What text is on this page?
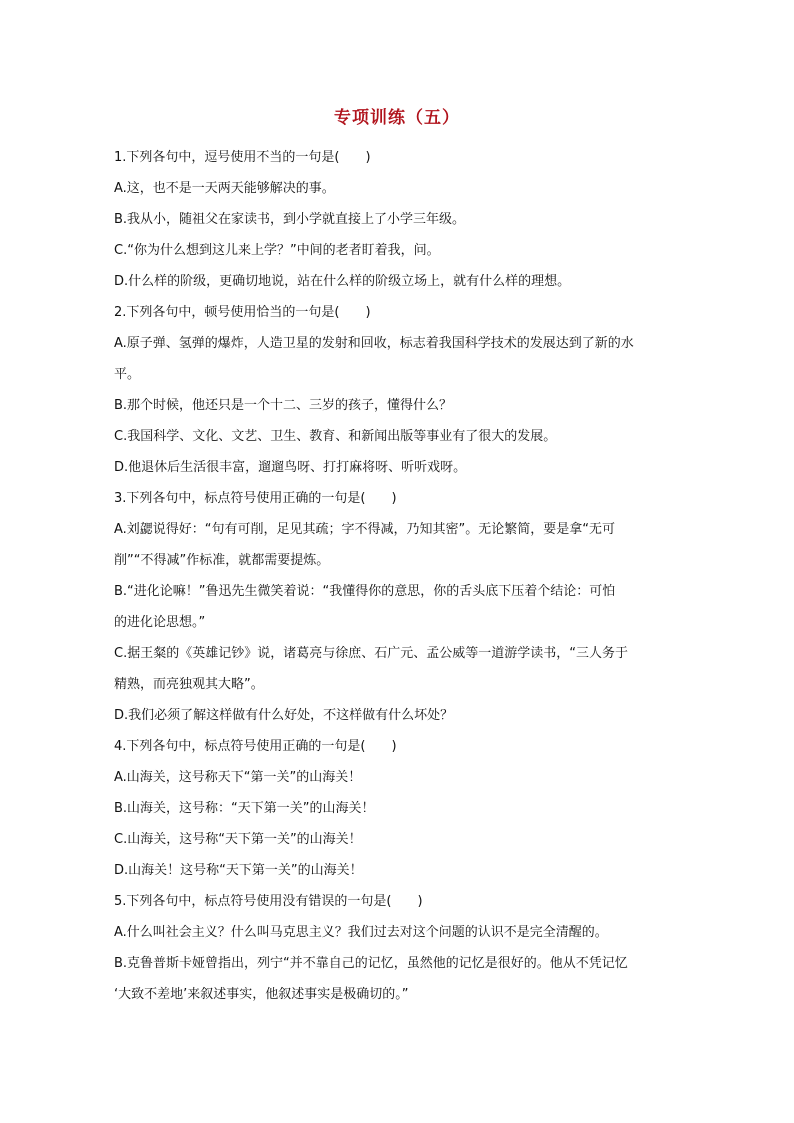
专项训练（五）
1.下列各句中，逗号使用不当的一句是(　　)
A.这，也不是一天两天能够解决的事。
B.我从小，随祖父在家读书，到小学就直接上了小学三年级。
C.“你为什么想到这儿来上学？”中间的老者盯着我，问。
D.什么样的阶级，更确切地说，站在什么样的阶级立场上，就有什么样的理想。
2.下列各句中，顿号使用恰当的一句是(　　)
A.原子弹、氢弹的爆炸，人造卫星的发射和回收，标志着我国科学技术的发展达到了新的水
平。
B.那个时候，他还只是一个十二、三岁的孩子，懂得什么？
C.我国科学、文化、文艺、卫生、教育、和新闻出版等事业有了很大的发展。
D.他退休后生活很丰富，遛遛鸟呀、打打麻将呀、听听戏呀。
3.下列各句中，标点符号使用正确的一句是(　　)
A.刘勰说得好：“句有可削，足见其疏；字不得减，乃知其密”。无论繁简，要是拿“无可
削”“不得减”作标准，就都需要提炼。
B.“进化论嘛！”鲁迅先生微笑着说：“我懂得你的意思，你的舌头底下压着个结论：可怕
的进化论思想。”
C.据王粲的《英雄记钞》说，诸葛亮与徐庶、石广元、孟公威等一道游学读书，“三人务于
精熟，而亮独观其大略”。
D.我们必须了解这样做有什么好处，不这样做有什么坏处？
4.下列各句中，标点符号使用正确的一句是(　　)
A.山海关，这号称天下“第一关”的山海关！
B.山海关，这号称：“天下第一关”的山海关！
C.山海关，这号称“天下第一关”的山海关！
D.山海关！这号称“天下第一关”的山海关！
5.下列各句中，标点符号使用没有错误的一句是(　　)
A.什么叫社会主义？什么叫马克思主义？我们过去对这个问题的认识不是完全清醒的。
B.克鲁普斯卡娅曾指出，列宁“并不靠自己的记忆，虽然他的记忆是很好的。他从不凭记忆
‘大致不差地’来叙述事实，他叙述事实是极确切的。”
